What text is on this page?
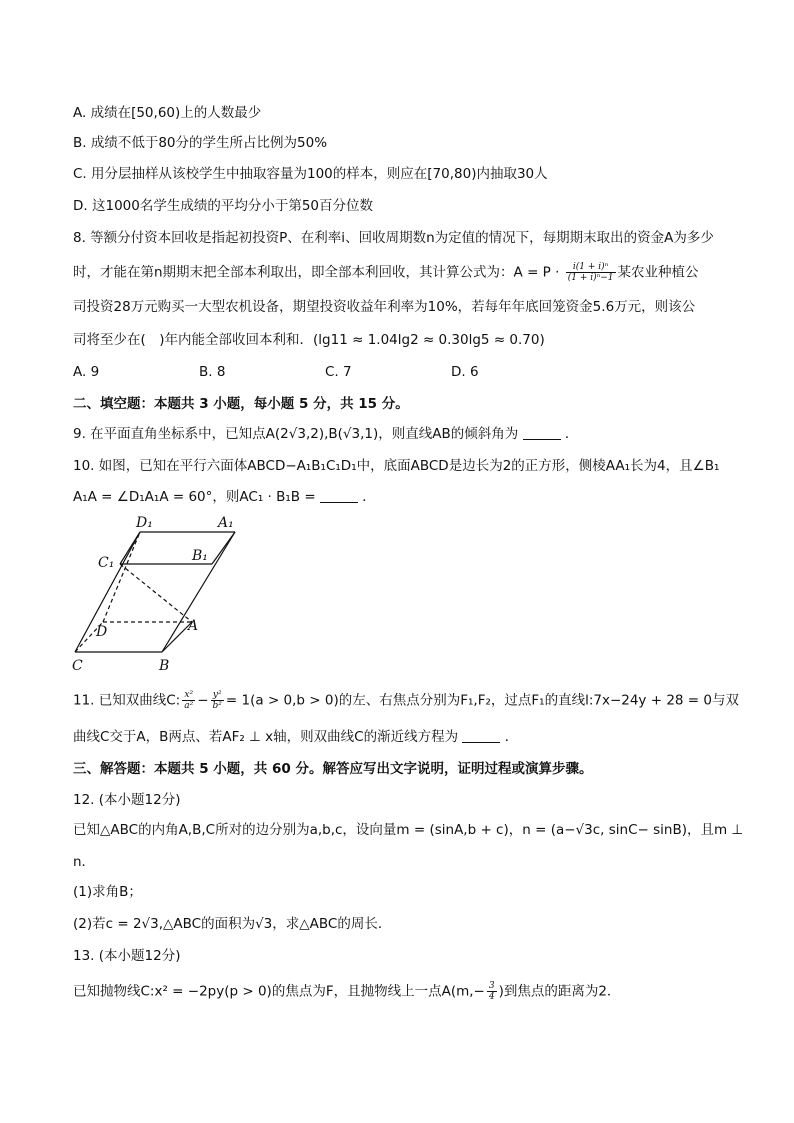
A. 成绩在[50,60)上的人数最少
B. 成绩不低于80分的学生所占比例为50%
C. 用分层抽样从该校学生中抽取容量为100的样本，则应在[70,80)内抽取30人
D. 这1000名学生成绩的平均分小于第50百分位数
8. 等额分付资本回收是指起初投资P、在利率i、回收周期数n为定值的情况下，每期期末取出的资金A为多少
时，才能在第n期期末把全部本利取出，即全部本利回收，其计算公式为：$A = P \cdot \frac{\text{i(1 + i)ⁿ}}{\text{(1 + i)ⁿ−1}}$ 某农业种植公
司投资28万元购买一大型农机设备，期望投资收益年利率为10%，若每年年底回笼资金5.6万元，则该公
司将至少在(　)年内能全部收回本利和．(lg11 ≈ 1.04lg2 ≈ 0.30lg5 ≈ 0.70)
A. 9	B. 8	C. 7	D. 6
二、填空题：本题共 3 小题，每小题 5 分，共 15 分。
9. 在平面直角坐标系中，已知点A(2√3,2),B(√3,1)，则直线AB的倾斜角为	．
10. 如图，已知在平行六面体ABCD−A₁B₁C₁D₁中，底面ABCD是边长为2的正方形，侧棱AA₁长为4，且∠B₁
A₁A = ∠D₁A₁A = 60°，则AC₁ · B₁B =	．
D₁	A₁
C₁	B₁
D	A
C	B
11. 已知双曲线C: $\frac{\text{x²}}{\text{a²}} - \frac{\text{y²}}{\text{b²}} = 1(a > 0,b > 0)$的左、右焦点分别为F₁,F₂，过点F₁的直线l:7x−24y + 28 = 0与双
曲线C交于A，B两点、若AF₂ ⊥ x轴，则双曲线C的渐近线方程为	．
三、解答题：本题共 5 小题，共 60 分。解答应写出文字说明，证明过程或演算步骤。
12. (本小题12分)
已知△ABC的内角A,B,C所对的边分别为a,b,c，设向量m = (sinA,b + c)，n = (a−√3c, sinC− sinB)，且m ⊥
n．
(1)求角B；
(2)若c = 2√3,△ABC的面积为√3，求△ABC的周长．
13. (本小题12分)
已知抛物线C:x² = −2py(p > 0)的焦点为F，且抛物线上一点$A(m,- \frac{3}{4}$ )到焦点的距离为2．
